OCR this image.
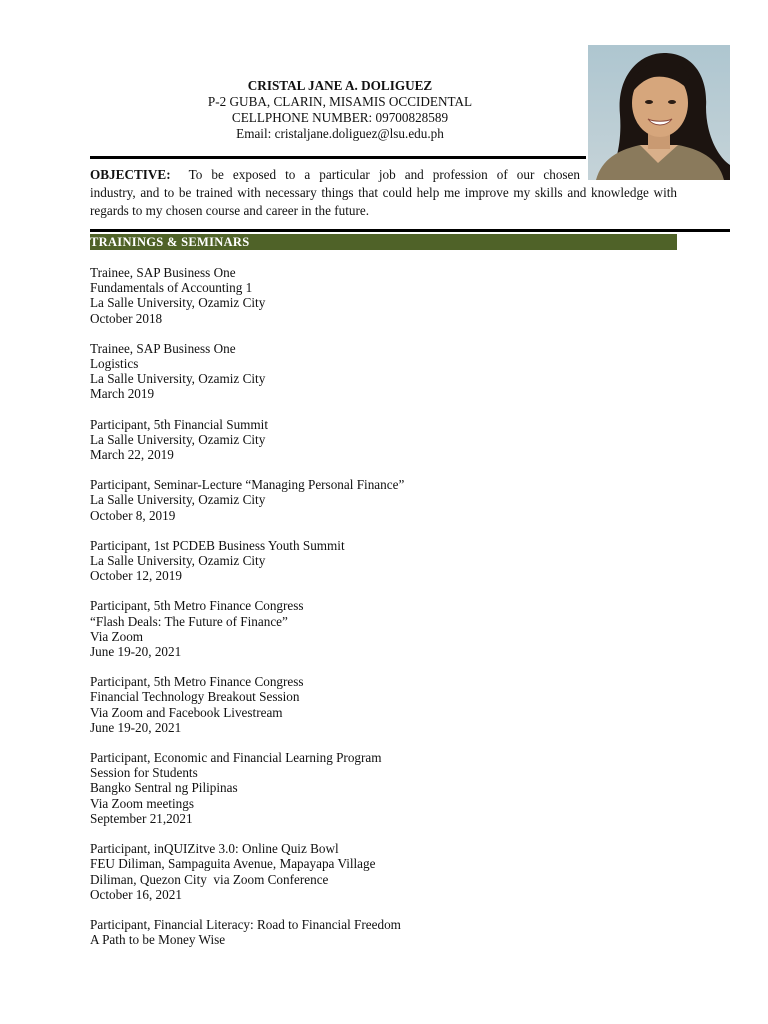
CRISTAL JANE A. DOLIGUEZ
P-2 GUBA, CLARIN, MISAMIS OCCIDENTAL
CELLPHONE NUMBER: 09700828589
Email: cristaljane.doliguez@lsu.edu.ph
OBJECTIVE: To be exposed to a particular job and profession of our chosen
industry, and to be trained with necessary things that could help me improve my skills and knowledge with regards to my chosen course and career in the future.
TRAININGS & SEMINARS
Trainee, SAP Business One
Fundamentals of Accounting 1
La Salle University, Ozamiz City
October 2018
Trainee, SAP Business One
Logistics
La Salle University, Ozamiz City
March 2019
Participant, 5th Financial Summit
La Salle University, Ozamiz City
March 22, 2019
Participant, Seminar-Lecture “Managing Personal Finance”
La Salle University, Ozamiz City
October 8, 2019
Participant, 1st PCDEB Business Youth Summit
La Salle University, Ozamiz City
October 12, 2019
Participant, 5th Metro Finance Congress
“Flash Deals: The Future of Finance”
Via Zoom
June 19-20, 2021
Participant, 5th Metro Finance Congress
Financial Technology Breakout Session
Via Zoom and Facebook Livestream
June 19-20, 2021
Participant, Economic and Financial Learning Program
Session for Students
Bangko Sentral ng Pilipinas
Via Zoom meetings
September 21,2021
Participant, inQUIZitve 3.0: Online Quiz Bowl
FEU Diliman, Sampaguita Avenue, Mapayapa Village
Diliman, Quezon City  via Zoom Conference
October 16, 2021
Participant, Financial Literacy: Road to Financial Freedom
A Path to be Money Wise
